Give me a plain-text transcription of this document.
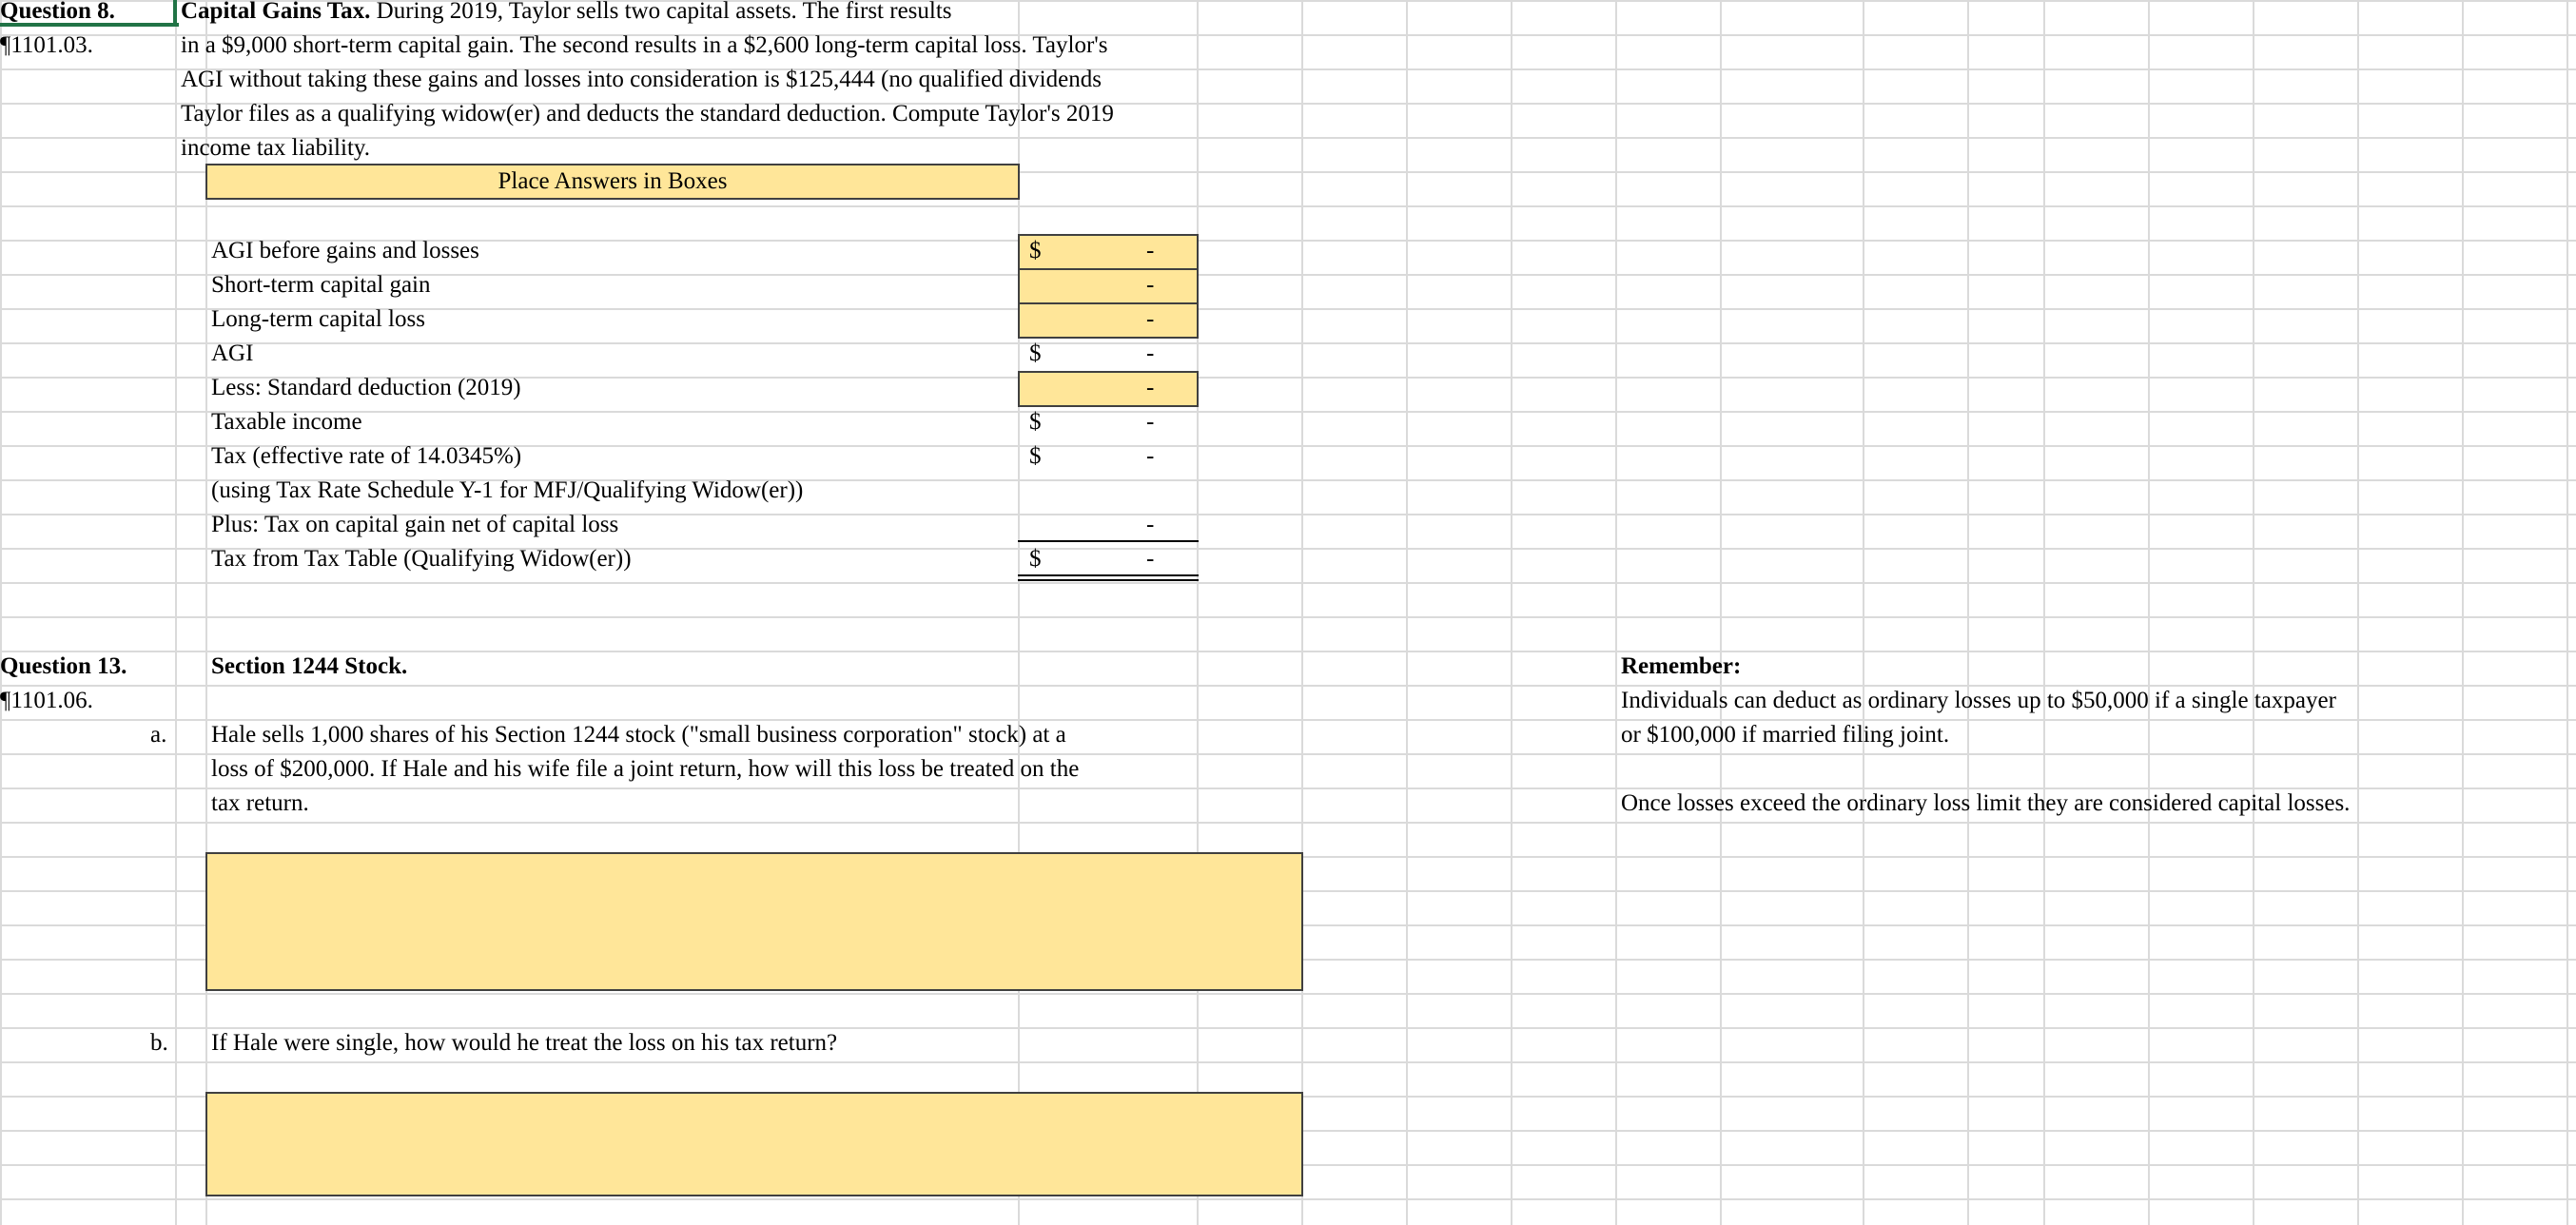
Question 8.
¶1101.03.
Capital Gains Tax. During 2019, Taylor sells two capital assets. The first results
in a $9,000 short-term capital gain. The second results in a $2,600 long-term capital loss. Taylor's
AGI without taking these gains and losses into consideration is $125,444 (no qualified dividends
Taylor files as a qualifying widow(er) and deducts the standard deduction. Compute Taylor's 2019
income tax liability.
Place Answers in Boxes
AGI before gains and losses
Short-term capital gain
Long-term capital loss
AGI
Less: Standard deduction (2019)
Taxable income
Tax (effective rate of 14.0345%)
(using Tax Rate Schedule Y-1 for MFJ/Qualifying Widow(er))
Plus: Tax on capital gain net of capital loss
Tax from Tax Table (Qualifying Widow(er))
$
$
$
$
$
-
-
-
-
-
-
-
-
-
Question 13.
¶1101.06.
Section 1244 Stock.
a. Hale sells 1,000 shares of his Section 1244 stock ("small business corporation" stock) at a
loss of $200,000. If Hale and his wife file a joint return, how will this loss be treated on the
tax return.
b. If Hale were single, how would he treat the loss on his tax return?
Remember:
Individuals can deduct as ordinary losses up to $50,000 if a single taxpayer
or $100,000 if married filing joint.
Once losses exceed the ordinary loss limit they are considered capital losses.
